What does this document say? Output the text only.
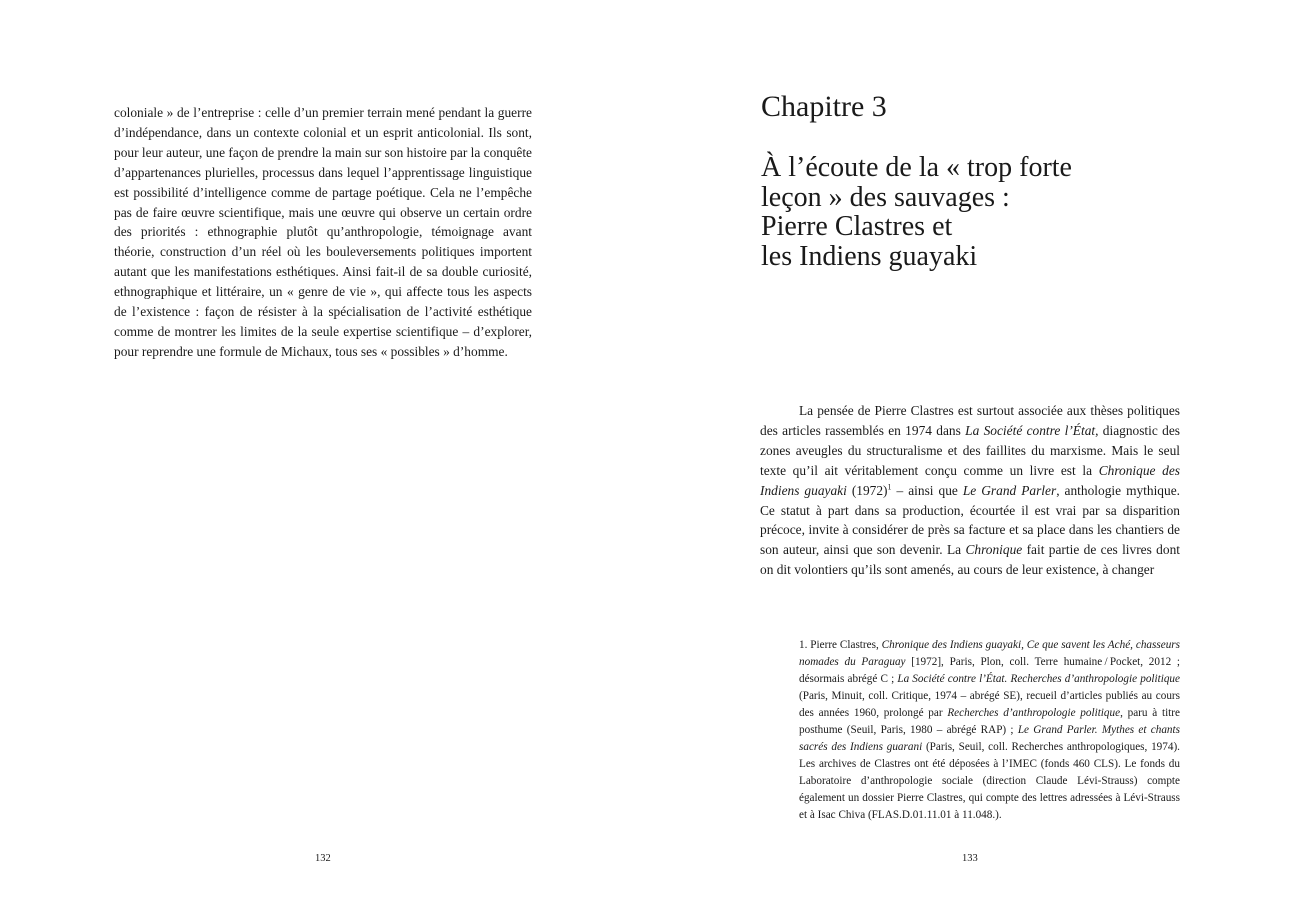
coloniale » de l’entreprise : celle d’un premier terrain mené pendant la guerre d’indépendance, dans un contexte colonial et un esprit anticolonial. Ils sont, pour leur auteur, une façon de prendre la main sur son histoire par la conquête d’appartenances plurielles, processus dans lequel l’apprentissage linguistique est possibilité d’intelligence comme de partage poétique. Cela ne l’empêche pas de faire œuvre scientifique, mais une œuvre qui observe un certain ordre des priorités : ethnographie plutôt qu’anthropologie, témoignage avant théorie, construction d’un réel où les bouleversements politiques importent autant que les manifestations esthétiques. Ainsi fait-il de sa double curiosité, ethnographique et littéraire, un « genre de vie », qui affecte tous les aspects de l’existence : façon de résister à la spécialisation de l’activité esthétique comme de montrer les limites de la seule expertise scientifique – d’explorer, pour reprendre une formule de Michaux, tous ses « possibles » d’homme.

132
Chapitre 3
À l’écoute de la « trop forte
leçon » des sauvages :
Pierre Clastres et
les Indiens guayaki

La pensée de Pierre Clastres est surtout associée aux thèses politiques des articles rassemblés en 1974 dans La Société contre l’État, diagnostic des zones aveugles du structuralisme et des faillites du marxisme. Mais le seul texte qu’il ait véritablement conçu comme un livre est la Chronique des Indiens guayaki $(1972)^1$ – ainsi que Le Grand Parler, anthologie mythique. Ce statut à part dans sa production, écourtée il est vrai par sa disparition précoce, invite à considérer de près sa facture et sa place dans les chantiers de son auteur, ainsi que son devenir. La Chronique fait partie de ces livres dont on dit volontiers qu’ils sont amenés, au cours de leur existence, à changer

1. Pierre Clastres, Chronique des Indiens guayaki, Ce que savent les Aché, chasseurs nomades du Paraguay [1972], Paris, Plon, coll. Terre humaine / Pocket, 2012 ; désormais abrégé C ; La Société contre l’État. Recherches d’anthropologie politique (Paris, Minuit, coll. Critique, 1974 – abrégé SE), recueil d’articles publiés au cours des années 1960, prolongé par Recherches d’anthropologie politique, paru à titre posthume (Seuil, Paris, 1980 – abrégé RAP) ; Le Grand Parler. Mythes et chants sacrés des Indiens guarani (Paris, Seuil, coll. Recherches anthropologiques, 1974). Les archives de Clastres ont été déposées à l’IMEC (fonds 460 CLS). Le fonds du Laboratoire d’anthropologie sociale (direction Claude Lévi-Strauss) compte également un dossier Pierre Clastres, qui compte des lettres adressées à Lévi-Strauss et à Isac Chiva (FLAS.D.01.11.01 à 11.048.).

133
